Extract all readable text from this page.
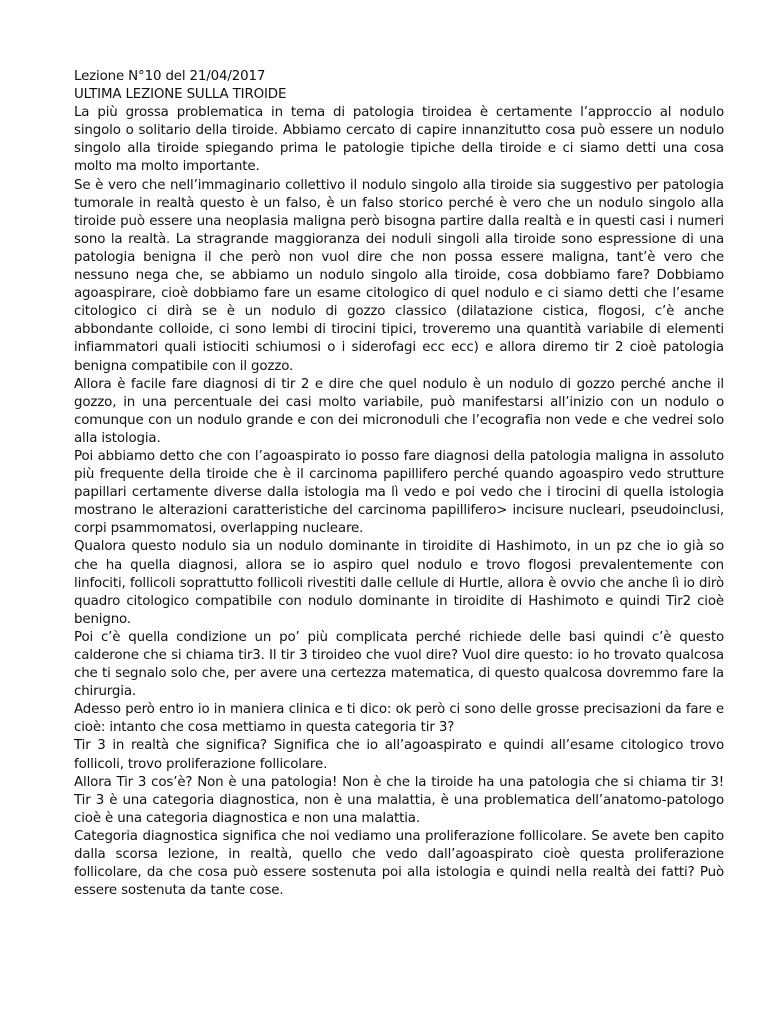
Lezione N°10 del 21/04/2017

ULTIMA LEZIONE SULLA TIROIDE

La più grossa problematica in tema di patologia tiroidea è certamente l’approccio al nodulo singolo o solitario della tiroide. Abbiamo cercato di capire innanzitutto cosa può essere un nodulo singolo alla tiroide spiegando prima le patologie tipiche della tiroide e ci siamo detti una cosa molto ma molto importante.

Se è vero che nell’immaginario collettivo il nodulo singolo alla tiroide sia suggestivo per patologia tumorale in realtà questo è un falso, è un falso storico perché è vero che un nodulo singolo alla tiroide può essere una neoplasia maligna però bisogna partire dalla realtà e in questi casi i numeri sono la realtà. La stragrande maggioranza dei noduli singoli alla tiroide sono espressione di una patologia benigna il che però non vuol dire che non possa essere maligna, tant’è vero che nessuno nega che, se abbiamo un nodulo singolo alla tiroide, cosa dobbiamo fare? Dobbiamo agoaspirare, cioè dobbiamo fare un esame citologico di quel nodulo e ci siamo detti che l’esame citologico ci dirà se è un nodulo di gozzo classico (dilatazione cistica, flogosi, c’è anche abbondante colloide, ci sono lembi di tirocini tipici, troveremo una quantità variabile di elementi infiammatori quali istiociti schiumosi o i siderofagi ecc ecc) e allora diremo tir 2 cioè patologia benigna compatibile con il gozzo.

Allora è facile fare diagnosi di tir 2 e dire che quel nodulo è un nodulo di gozzo perché anche il gozzo, in una percentuale dei casi molto variabile, può manifestarsi all’inizio con un nodulo o comunque con un nodulo grande e con dei micronoduli che l’ecografia non vede e che vedrei solo alla istologia.

Poi abbiamo detto che con l’agoaspirato io posso fare diagnosi della patologia maligna in assoluto più frequente della tiroide che è il carcinoma papillifero perché quando agoaspiro vedo strutture papillari certamente diverse dalla istologia ma lì vedo e poi vedo che i tirocini di quella istologia mostrano le alterazioni caratteristiche del carcinoma papillifero> incisure nucleari, pseudoinclusi, corpi psammomatosi, overlapping nucleare.

Qualora questo nodulo sia un nodulo dominante in tiroidite di Hashimoto, in un pz che io già so che ha quella diagnosi, allora se io aspiro quel nodulo e trovo flogosi prevalentemente con linfociti, follicoli soprattutto follicoli rivestiti dalle cellule di Hurtle, allora è ovvio che anche lì io dirò quadro citologico compatibile con nodulo dominante in tiroidite di Hashimoto e quindi Tir2 cioè benigno.

Poi c’è quella condizione un po’ più complicata perché richiede delle basi quindi c’è questo calderone che si chiama tir3. Il tir 3 tiroideo che vuol dire? Vuol dire questo: io ho trovato qualcosa che ti segnalo solo che, per avere una certezza matematica, di questo qualcosa dovremmo fare la chirurgia.

Adesso però entro io in maniera clinica e ti dico: ok però ci sono delle grosse precisazioni da fare e cioè: intanto che cosa mettiamo in questa categoria tir 3?

Tir 3 in realtà che significa? Significa che io all’agoaspirato e quindi all’esame citologico trovo follicoli, trovo proliferazione follicolare.

Allora Tir 3 cos’è? Non è una patologia! Non è che la tiroide ha una patologia che si chiama tir 3! Tir 3 è una categoria diagnostica, non è una malattia, è una problematica dell’anatomo-patologo cioè è una categoria diagnostica e non una malattia.

Categoria diagnostica significa che noi vediamo una proliferazione follicolare. Se avete ben capito dalla scorsa lezione, in realtà, quello che vedo dall’agoaspirato cioè questa proliferazione follicolare, da che cosa può essere sostenuta poi alla istologia e quindi nella realtà dei fatti? Può essere sostenuta da tante cose.
